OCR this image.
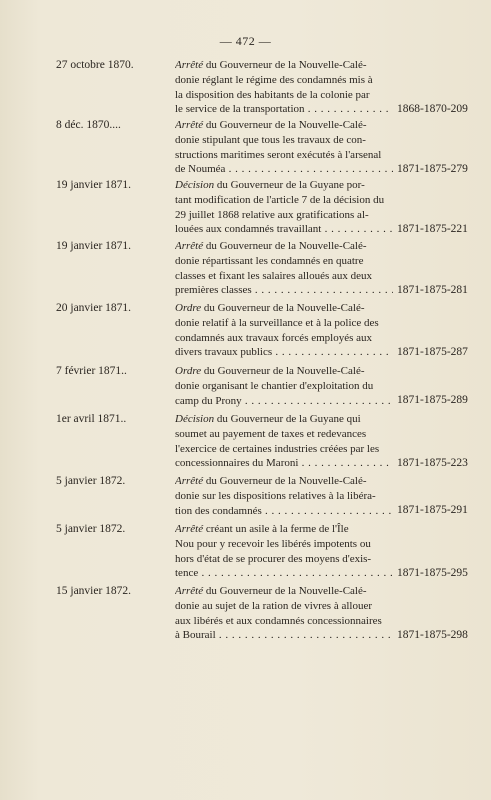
— 472 —
27 octobre 1870.	Arrêté du Gouverneur de la Nouvelle-Calé-
donie réglant le régime des condamnés mis à
la disposition des habitants de la colonie par
le service de la transportation . . .	1868-1870-209
8 déc. 1870....	Arrêté du Gouverneur de la Nouvelle-Calé-
donie stipulant que tous les travaux de con-
structions maritimes seront exécutés à l'arsenal
de Nouméa . . .	1871-1875-279
19 janvier 1871.	Décision du Gouverneur de la Guyane por-
tant modification de l'article 7 de la décision du
29 juillet 1868 relative aux gratifications al-
louées aux condamnés travaillant . . .	1871-1875-221
19 janvier 1871.	Arrêté du Gouverneur de la Nouvelle-Calé-
donie répartissant les condamnés en quatre
classes et fixant les salaires alloués aux deux
premières classes . . .	1871-1875-281
20 janvier 1871.	Ordre du Gouverneur de la Nouvelle-Calé-
donie relatif à la surveillance et à la police des
condamnés aux travaux forcés employés aux
divers travaux publics . . .	1871-1875-287
7 février 1871..	Ordre du Gouverneur de la Nouvelle-Calé-
donie organisant le chantier d'exploitation du
camp du Prony . . .	1871-1875-289
1er avril 1871..	Décision du Gouverneur de la Guyane qui
soumet au payement de taxes et redevances
l'exercice de certaines industries créées par les
concessionnaires du Maroni . . .	1871-1875-223
5 janvier 1872.	Arrêté du Gouverneur de la Nouvelle-Calé-
donie sur les dispositions relatives à la libéra-
tion des condamnés . . .	1871-1875-291
5 janvier 1872.	Arrêté créant un asile à la ferme de l'Île
Nou pour y recevoir les libérés impotents ou
hors d'état de se procurer des moyens d'exis-
tence . . .	1871-1875-295
15 janvier 1872.	Arrêté du Gouverneur de la Nouvelle-Calé-
donie au sujet de la ration de vivres à allouer
aux libérés et aux condamnés concessionnaires
à Bourail . . .	1871-1875-298
